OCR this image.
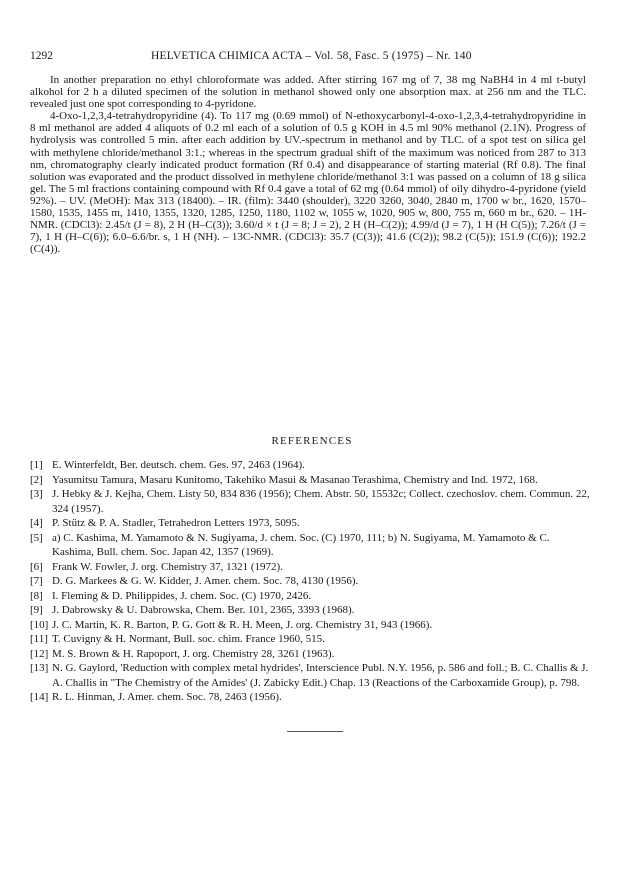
1292	HELVETICA CHIMICA ACTA – Vol. 58, Fasc. 5 (1975) – Nr. 140

In another preparation no ethyl chloroformate was added. After stirring 167 mg of 7, 38 mg NaBH4 in 4 ml t-butyl alkohol for 2 h a diluted specimen of the solution in methanol showed only one absorption max. at 256 nm and the TLC. revealed just one spot corresponding to 4-pyridone.

4-Oxo-1,2,3,4-tetrahydropyridine (4). To 117 mg (0.69 mmol) of N-ethoxycarbonyl-4-oxo-1,2,3,4-tetrahydropyridine in 8 ml methanol are added 4 aliquots of 0.2 ml each of a solution of 0.5 g KOH in 4.5 ml 90% methanol (2.1N). Progress of hydrolysis was controlled 5 min. after each addition by UV.-spectrum in methanol and by TLC. of a spot test on silica gel with methylene chloride/methanol 3:1.; whereas in the spectrum gradual shift of the maximum was noticed from 287 to 313 nm, chromatography clearly indicated product formation (Rf 0.4) and disappearance of starting material (Rf 0.8). The final solution was evaporated and the product dissolved in methylene chloride/methanol 3:1 was passed on a column of 18 g silica gel. The 5 ml fractions containing compound with Rf 0.4 gave a total of 62 mg (0.64 mmol) of oily dihydro-4-pyridone (yield 92%). – UV. (MeOH): Max 313 (18400). – IR. (film): 3440 (shoulder), 3220 3260, 3040, 2840 m, 1700 w br., 1620, 1570–1580, 1535, 1455 m, 1410, 1355, 1320, 1285, 1250, 1180, 1102 w, 1055 w, 1020, 905 w, 800, 755 m, 660 m br., 620. – 1H-NMR. (CDCl3): 2.45/t (J = 8), 2 H (H–C(3)); 3.60/d × t (J = 8; J = 2), 2 H (H–C(2)); 4.99/d (J = 7), 1 H (H C(5)); 7.26/t (J = 7), 1 H (H–C(6)); 6.0–6.6/br. s, 1 H (NH). – 13C-NMR. (CDCl3): 35.7 (C(3)); 41.6 (C(2)); 98.2 (C(5)); 151.9 (C(6)); 192.2 (C(4)).

REFERENCES
[1] E. Winterfeldt, Ber. deutsch. chem. Ges. 97, 2463 (1964).
[2] Yasumitsu Tamura, Masaru Kunitomo, Takehiko Masui & Masanao Terashima, Chemistry and Ind. 1972, 168.
[3] J. Hebky & J. Kejha, Chem. Listy 50, 834 836 (1956); Chem. Abstr. 50, 15532c; Collect. czechoslov. chem. Commun. 22, 324 (1957).
[4] P. Stütz & P. A. Stadler, Tetrahedron Letters 1973, 5095.
[5] a) C. Kashima, M. Yamamoto & N. Sugiyama, J. chem. Soc. (C) 1970, 111; b) N. Sugiyama, M. Yamamoto & C. Kashima, Bull. chem. Soc. Japan 42, 1357 (1969).
[6] Frank W. Fowler, J. org. Chemistry 37, 1321 (1972).
[7] D. G. Markees & G. W. Kidder, J. Amer. chem. Soc. 78, 4130 (1956).
[8] I. Fleming & D. Philippides, J. chem. Soc. (C) 1970, 2426.
[9] J. Dabrowsky & U. Dabrowska, Chem. Ber. 101, 2365, 3393 (1968).
[10] J. C. Martin, K. R. Barton, P. G. Gott & R. H. Meen, J. org. Chemistry 31, 943 (1966).
[11] T. Cuvigny & H. Normant, Bull. soc. chim. France 1960, 515.
[12] M. S. Brown & H. Rapoport, J. org. Chemistry 28, 3261 (1963).
[13] N. G. Gaylord, 'Reduction with complex metal hydrides', Interscience Publ. N.Y. 1956, p. 586 and foll.; B. C. Challis & J. A. Challis in "The Chemistry of the Amides' (J. Zabicky Edit.) Chap. 13 (Reactions of the Carboxamide Group), p. 798.
[14] R. L. Hinman, J. Amer. chem. Soc. 78, 2463 (1956).
